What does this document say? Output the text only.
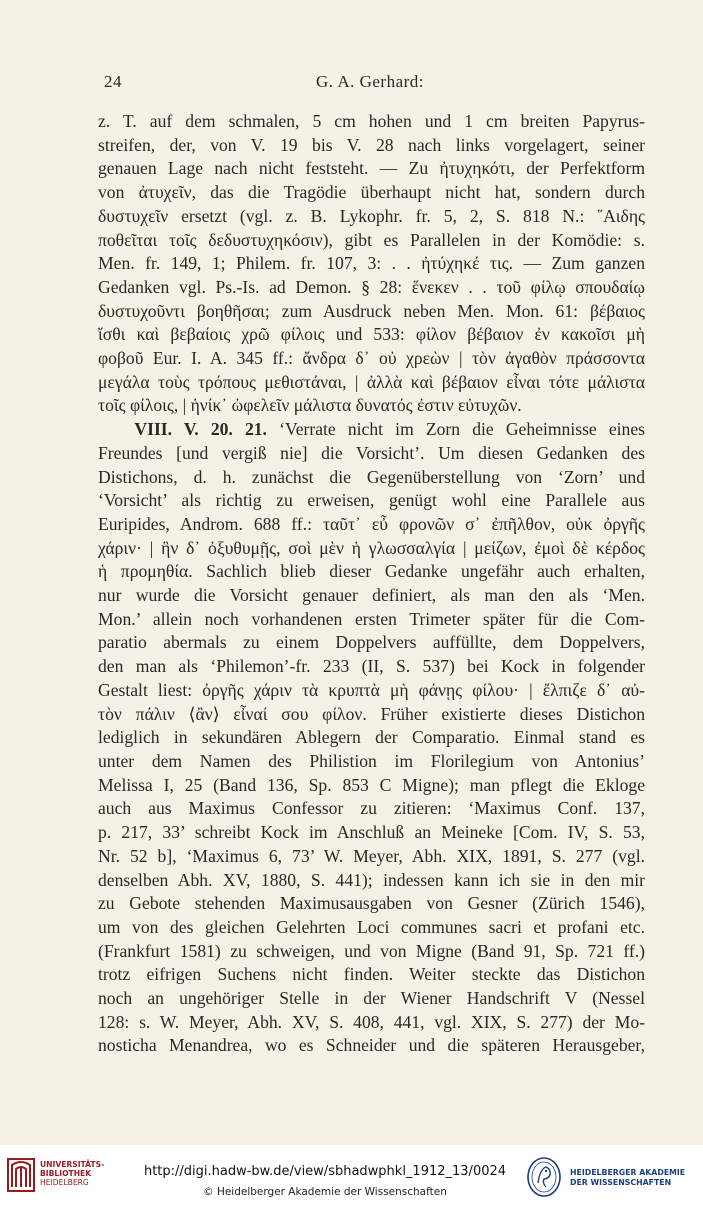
24	G. A. Gerhard:

z. T. auf dem schmalen, 5 cm hohen und 1 cm breiten Papyrus-
streifen, der, von V. 19 bis V. 28 nach links vorgelagert, seiner
genauen Lage nach nicht feststeht. — Zu ἠτυχηκότι, der Perfektform
von ἀτυχεῖν, das die Tragödie überhaupt nicht hat, sondern durch
δυστυχεῖν ersetzt (vgl. z. B. Lykophr. fr. 5, 2, S. 818 N.: ῞Αιδης
ποθεῖται τοῖς δεδυστυχηκόσιν), gibt es Parallelen in der Komödie: s.
Men. fr. 149, 1; Philem. fr. 107, 3: . . ἠτύχηκέ τις. — Zum ganzen
Gedanken vgl. Ps.-Is. ad Demon. § 28: ἕνεκεν . . τοῦ φίλῳ σπουδαίῳ
δυστυχοῦντι βοηθῆσαι; zum Ausdruck neben Men. Mon. 61: βέβαιος
ἴσθι καὶ βεβαίοις χρῶ φίλοις und 533: φίλον βέβαιον ἐν κακοῖσι μὴ
φοβοῦ Eur. I. A. 345 ff.: ἄνδρα δ᾽ οὐ χρεὼν | τὸν ἀγαθὸν πράσσοντα
μεγάλα τοὺς τρόπους μεθιστάναι, | ἀλλὰ καὶ βέβαιον εἶναι τότε μάλιστα
τοῖς φίλοις, | ἡνίκ᾽ ὠφελεῖν μάλιστα δυνατός ἐστιν εὐτυχῶν.

VIII. V. 20. 21. ‘Verrate nicht im Zorn die Geheimnisse eines
Freundes [und vergiß nie] die Vorsicht’. Um diesen Gedanken des
Distichons, d. h. zunächst die Gegenüberstellung von ‘Zorn’ und
‘Vorsicht’ als richtig zu erweisen, genügt wohl eine Parallele aus
Euripides, Androm. 688 ff.: ταῦτ᾽ εὖ φρονῶν σ᾽ ἐπῆλθον, οὐκ ὀργῆς
χάριν· | ἣν δ᾽ ὀξυθυμῇς, σοὶ μὲν ἡ γλωσσαλγία | μείζων, ἐμοὶ δὲ κέρδος
ἡ προμηθία. Sachlich blieb dieser Gedanke ungefähr auch erhalten,
nur wurde die Vorsicht genauer definiert, als man den als ‘Men.
Mon.’ allein noch vorhandenen ersten Trimeter später für die Com-
paratio abermals zu einem Doppelvers auffüllte, dem Doppelvers,
den man als ‘Philemon’-fr. 233 (II, S. 537) bei Kock in folgender
Gestalt liest: ὀργῆς χάριν τὰ κρυπτὰ μὴ φάνῃς φίλου· | ἔλπιζε δ᾽ αὐ-
τὸν πάλιν ⟨ἂν⟩ εἶναί σου φίλον. Früher existierte dieses Distichon
lediglich in sekundären Ablegern der Comparatio. Einmal stand es
unter dem Namen des Philistion im Florilegium von Antonius’
Melissa I, 25 (Band 136, Sp. 853 C Migne); man pflegt die Ekloge
auch aus Maximus Confessor zu zitieren: ‘Maximus Conf. 137,
p. 217, 33’ schreibt Kock im Anschluß an Meineke [Com. IV, S. 53,
Nr. 52 b], ‘Maximus 6, 73’ W. Meyer, Abh. XIX, 1891, S. 277 (vgl.
denselben Abh. XV, 1880, S. 441); indessen kann ich sie in den mir
zu Gebote stehenden Maximusausgaben von Gesner (Zürich 1546),
um von des gleichen Gelehrten Loci communes sacri et profani etc.
(Frankfurt 1581) zu schweigen, und von Migne (Band 91, Sp. 721 ff.)
trotz eifrigen Suchens nicht finden. Weiter steckte das Distichon
noch an ungehöriger Stelle in der Wiener Handschrift V (Nessel
128: s. W. Meyer, Abh. XV, S. 408, 441, vgl. XIX, S. 277) der Mo-
nosticha Menandrea, wo es Schneider und die späteren Herausgeber,

UNIVERSITÄTS-
BIBLIOTHEK
HEIDELBERG
http://digi.hadw-bw.de/view/sbhadwphkl_1912_13/0024
© Heidelberger Akademie der Wissenschaften
HEIDELBERGER AKADEMIE
DER WISSENSCHAFTEN
